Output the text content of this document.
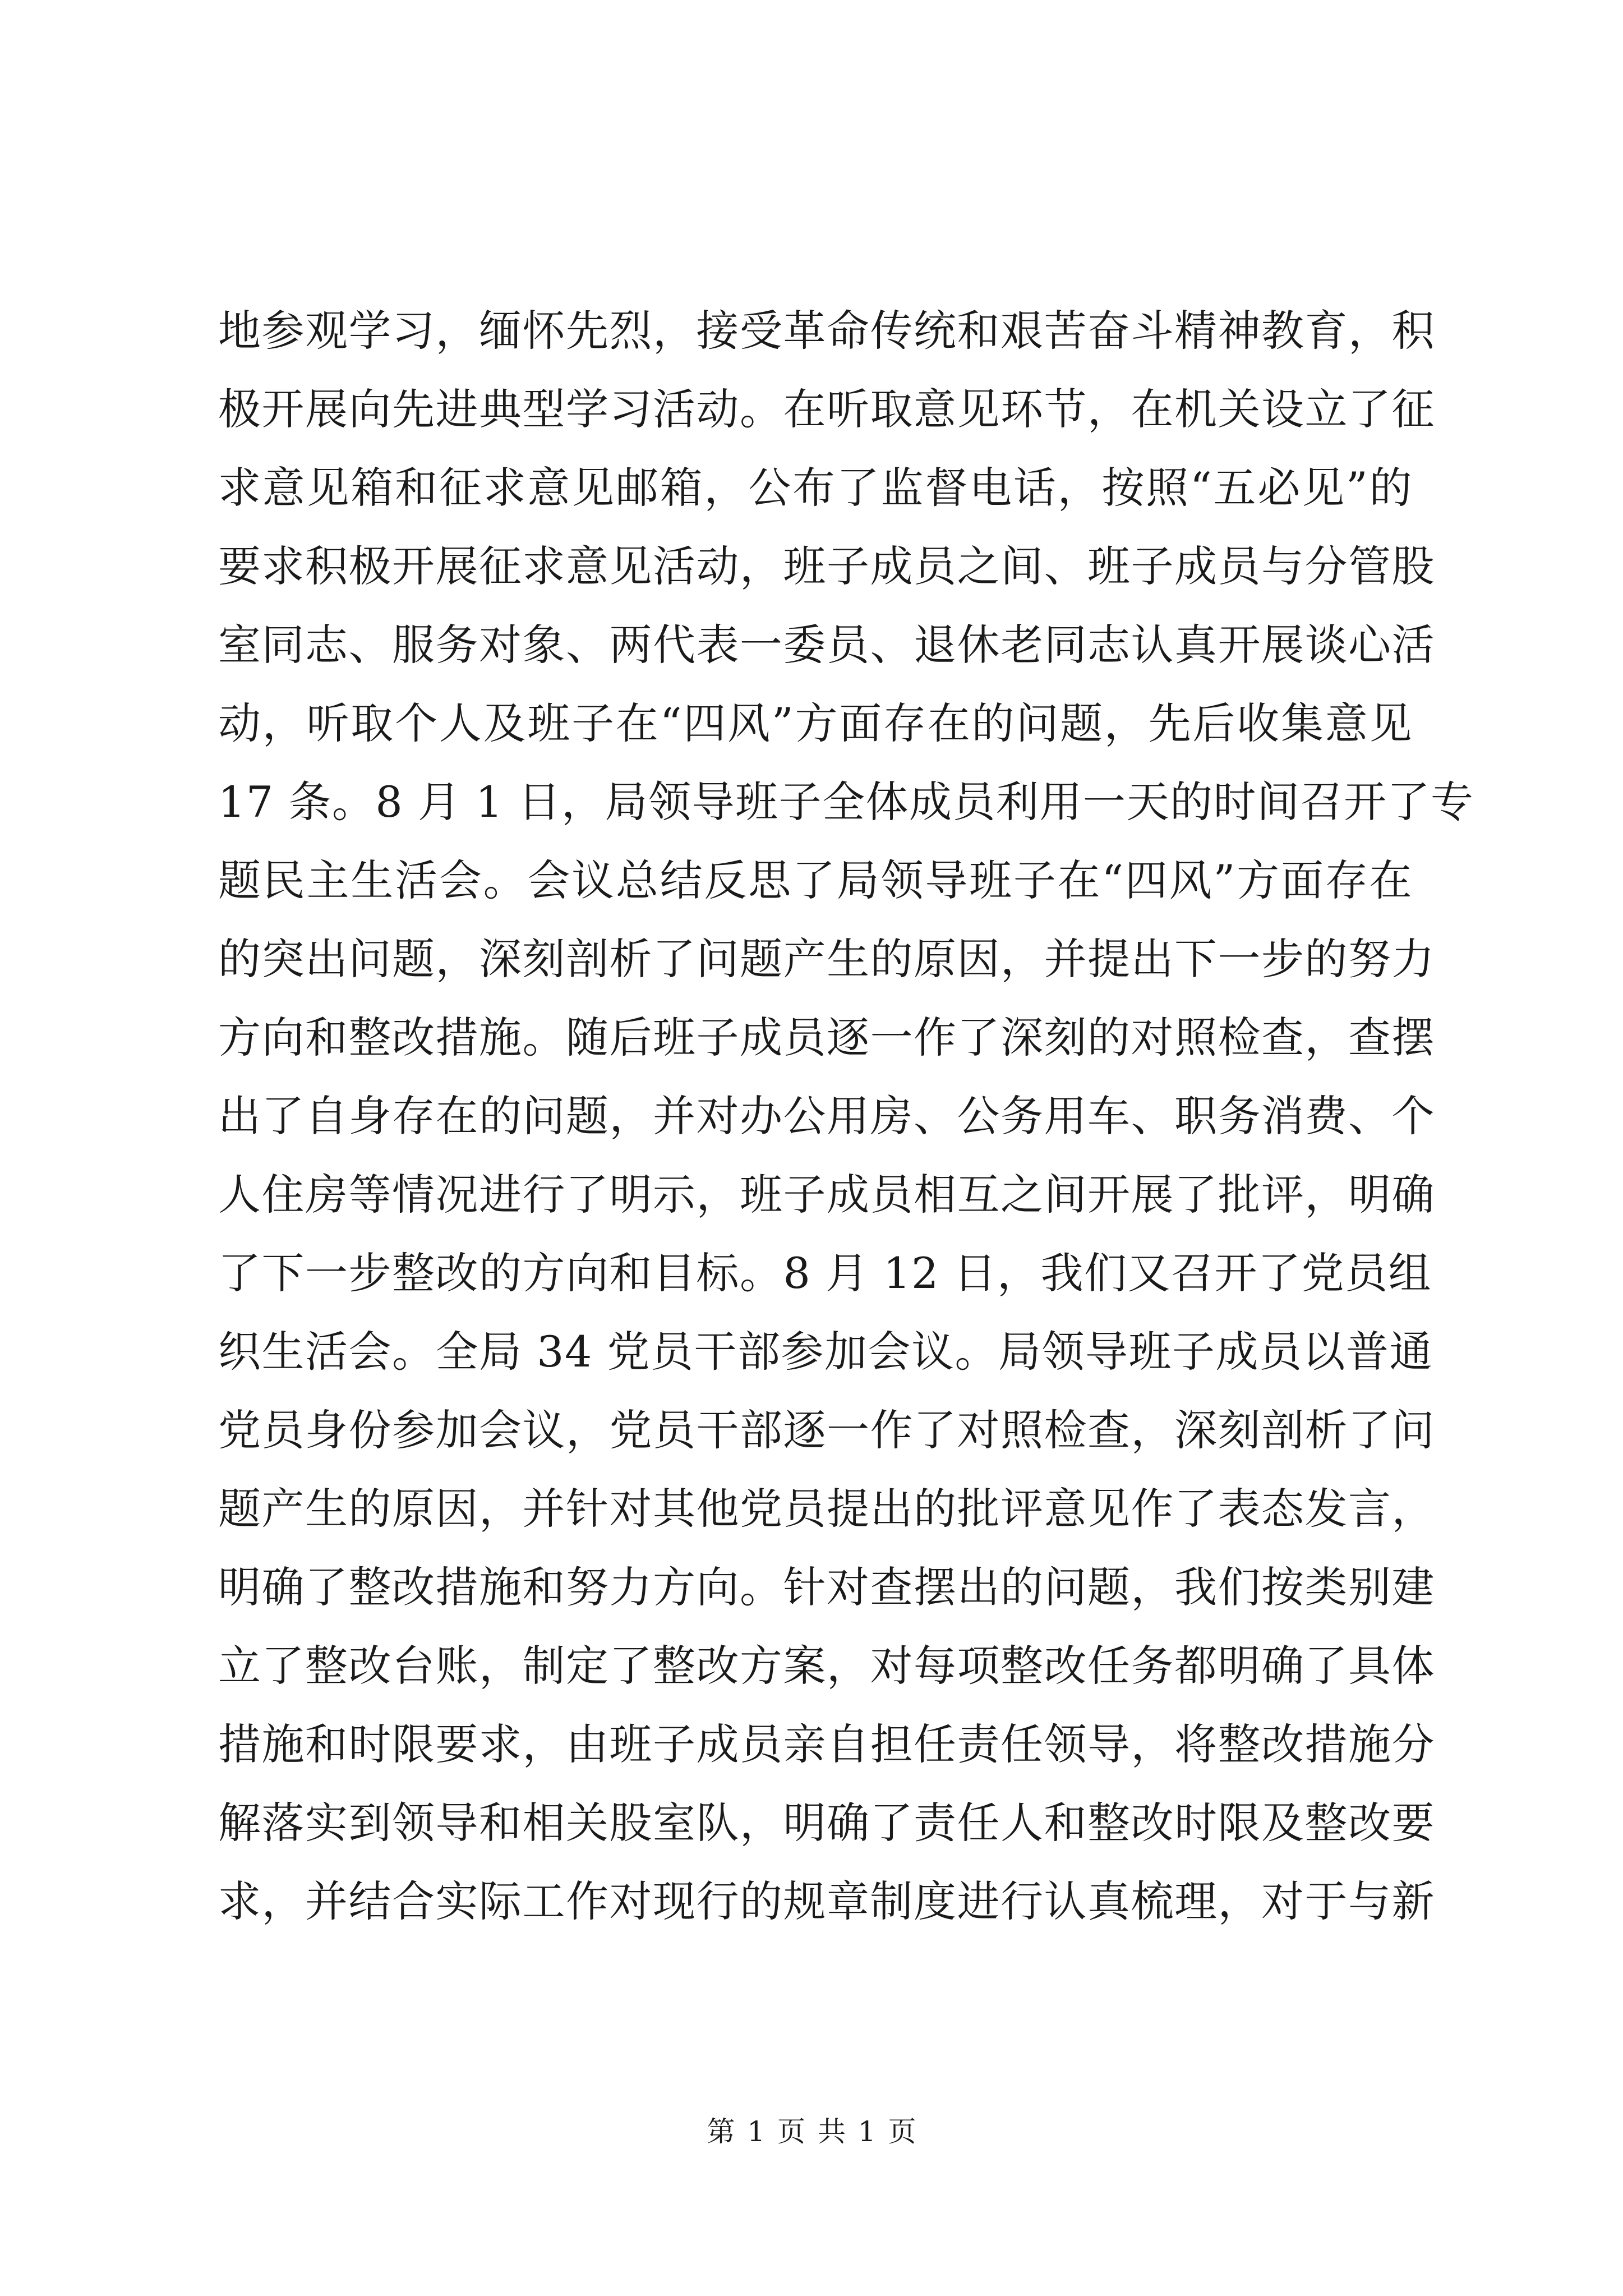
地参观学习，缅怀先烈，接受革命传统和艰苦奋斗精神教育，积
极开展向先进典型学习活动。在听取意见环节，在机关设立了征
求意见箱和征求意见邮箱，公布了监督电话，按照“五必见”的
要求积极开展征求意见活动，班子成员之间、班子成员与分管股
室同志、服务对象、两代表一委员、退休老同志认真开展谈心活
动，听取个人及班子在“四风”方面存在的问题，先后收集意见
17 条。8 月 1 日，局领导班子全体成员利用一天的时间召开了专
题民主生活会。会议总结反思了局领导班子在“四风”方面存在
的突出问题，深刻剖析了问题产生的原因，并提出下一步的努力
方向和整改措施。随后班子成员逐一作了深刻的对照检查，查摆
出了自身存在的问题，并对办公用房、公务用车、职务消费、个
人住房等情况进行了明示，班子成员相互之间开展了批评，明确
了下一步整改的方向和目标。8 月 12 日，我们又召开了党员组
织生活会。全局 34 党员干部参加会议。局领导班子成员以普通
党员身份参加会议，党员干部逐一作了对照检查，深刻剖析了问
题产生的原因，并针对其他党员提出的批评意见作了表态发言，
明确了整改措施和努力方向。针对查摆出的问题，我们按类别建
立了整改台账，制定了整改方案，对每项整改任务都明确了具体
措施和时限要求，由班子成员亲自担任责任领导，将整改措施分
解落实到领导和相关股室队，明确了责任人和整改时限及整改要
求，并结合实际工作对现行的规章制度进行认真梳理，对于与新
第 1 页 共 1 页
